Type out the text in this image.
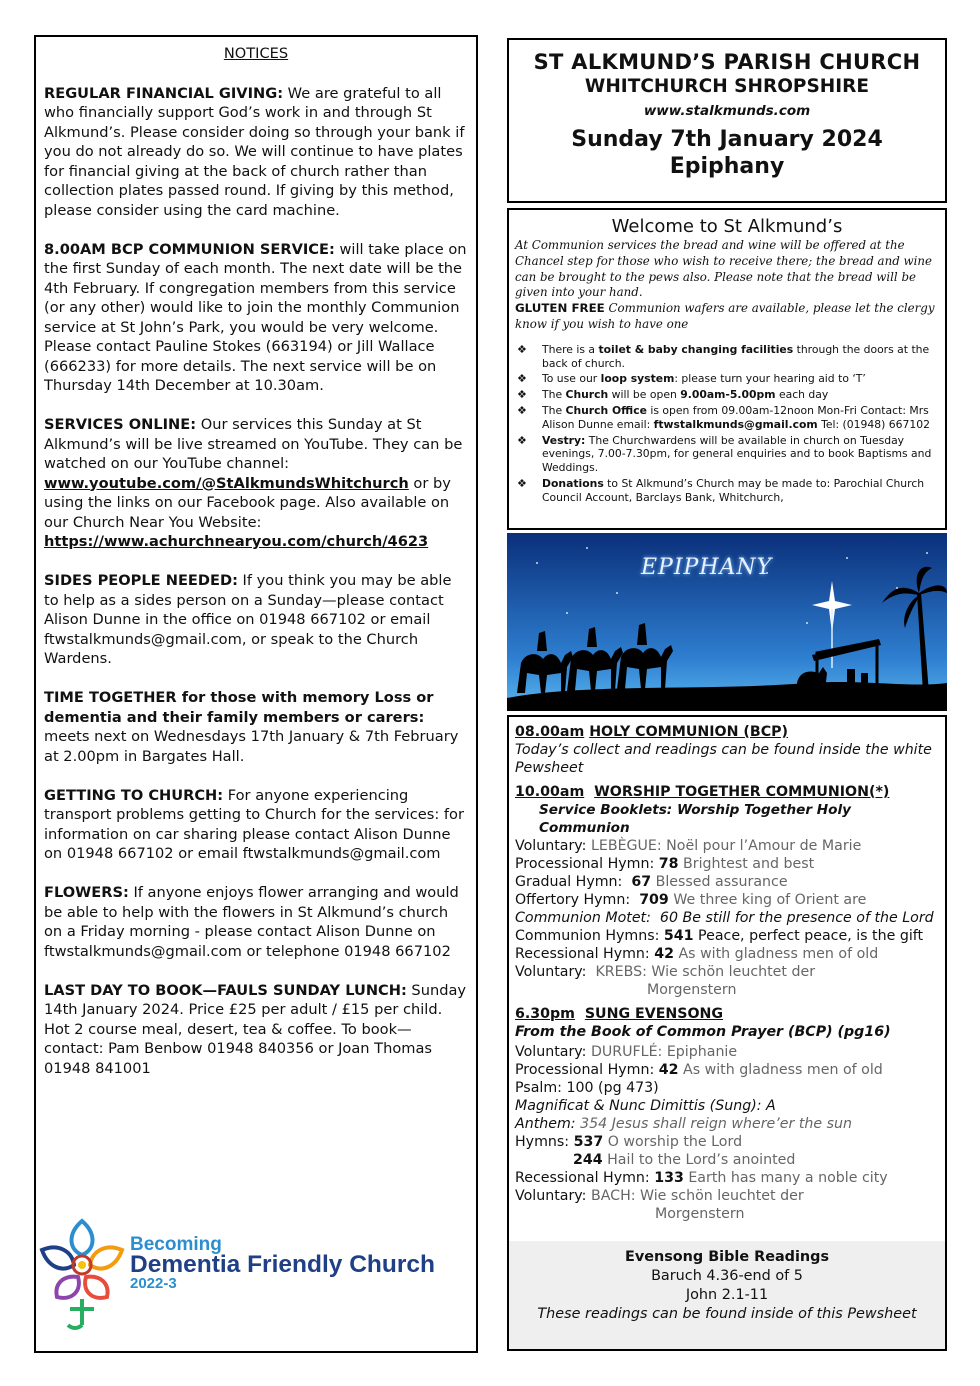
NOTICES
REGULAR FINANCIAL GIVING: We are grateful to all who financially support God’s work in and through St Alkmund’s. Please consider doing so through your bank if you do not already do so. We will continue to have plates for financial giving at the back of church rather than collection plates passed round. If giving by this method, please consider using the card machine.
8.00AM BCP COMMUNION SERVICE: will take place on the first Sunday of each month. The next date will be the 4th February. If congregation members from this service (or any other) would like to join the monthly Communion service at St John’s Park, you would be very welcome. Please contact Pauline Stokes (663194) or Jill Wallace (666233) for more details. The next service will be on Thursday 14th December at 10.30am.
SERVICES ONLINE: Our services this Sunday at St Alkmund’s will be live streamed on YouTube. They can be watched on our YouTube channel: www.youtube.com/@StAlkmundsWhitchurch or by using the links on our Facebook page. Also available on our Church Near You Website: https://www.achurchnearyou.com/church/4623
SIDES PEOPLE NEEDED: If you think you may be able to help as a sides person on a Sunday—please contact Alison Dunne in the office on 01948 667102 or email ftwstalkmunds@gmail.com, or speak to the Church Wardens.
TIME TOGETHER for those with memory Loss or dementia and their family members or carers: meets next on Wednesdays 17th January & 7th February at 2.00pm in Bargates Hall.
GETTING TO CHURCH: For anyone experiencing transport problems getting to Church for the services: for information on car sharing please contact Alison Dunne on 01948 667102 or email ftwstalkmunds@gmail.com
FLOWERS: If anyone enjoys flower arranging and would be able to help with the flowers in St Alkmund’s church on a Friday morning - please contact Alison Dunne on ftwstalkmunds@gmail.com or telephone 01948 667102
LAST DAY TO BOOK—FAULS SUNDAY LUNCH: Sunday 14th January 2024. Price £25 per adult / £15 per child. Hot 2 course meal, desert, tea & coffee. To book—contact: Pam Benbow 01948 840356 or Joan Thomas 01948 841001
Becoming
Dementia Friendly Church
2022-3
ST ALKMUND’S PARISH CHURCH
WHITCHURCH SHROPSHIRE
www.stalkmunds.com
Sunday 7th January 2024
Epiphany
Welcome to St Alkmund’s
At Communion services the bread and wine will be offered at the Chancel step for those who wish to receive there; the bread and wine can be brought to the pews also. Please note that the bread will be given into your hand.
GLUTEN FREE Communion wafers are available, please let the clergy know if you wish to have one
❖ There is a toilet & baby changing facilities through the doors at the back of church.
❖ To use our loop system: please turn your hearing aid to ‘T’
❖ The Church will be open 9.00am-5.00pm each day
❖ The Church Office is open from 09.00am-12noon Mon-Fri Contact: Mrs Alison Dunne email: ftwstalkmunds@gmail.com Tel: (01948) 667102
❖ Vestry: The Churchwardens will be available in church on Tuesday evenings, 7.00-7.30pm, for general enquiries and to book Baptisms and Weddings.
❖ Donations to St Alkmund’s Church may be made to: Parochial Church Council Account, Barclays Bank, Whitchurch,
EPIPHANY
08.00am HOLY COMMUNION (BCP)
Today’s collect and readings can be found inside the white Pewsheet
10.00am WORSHIP TOGETHER COMMUNION(*)
Service Booklets: Worship Together Holy Communion
Voluntary: LEBÈGUE: Noël pour l’Amour de Marie
Processional Hymn: 78 Brightest and best
Gradual Hymn: 67 Blessed assurance
Offertory Hymn: 709 We three king of Orient are
Communion Motet: 60 Be still for the presence of the Lord
Communion Hymns: 541 Peace, perfect peace, is the gift
Recessional Hymn: 42 As with gladness men of old
Voluntary: KREBS: Wie schön leuchtet der
Morgenstern
6.30pm SUNG EVENSONG
From the Book of Common Prayer (BCP) (pg16)
Voluntary: DURUFLÉ: Epiphanie
Processional Hymn: 42 As with gladness men of old
Psalm: 100 (pg 473)
Magnificat & Nunc Dimittis (Sung): A
Anthem: 354 Jesus shall reign where’er the sun
Hymns: 537 O worship the Lord
244 Hail to the Lord’s anointed
Recessional Hymn: 133 Earth has many a noble city
Voluntary: BACH: Wie schön leuchtet der
Morgenstern
Evensong Bible Readings
Baruch 4.36-end of 5
John 2.1-11
These readings can be found inside of this Pewsheet
